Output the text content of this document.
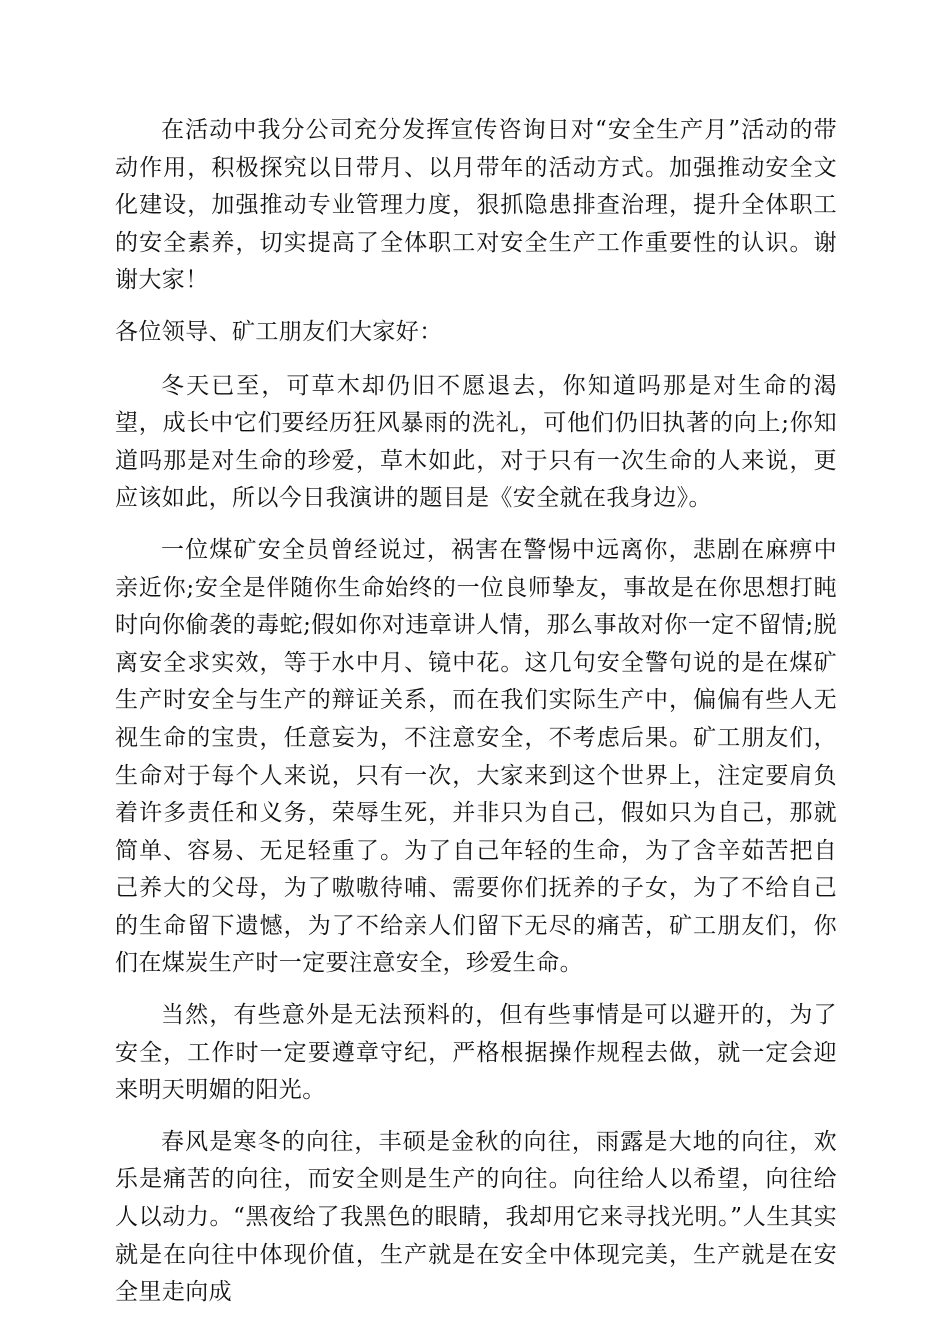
在活动中我分公司充分发挥宣传咨询日对“安全生产月”活动的带动作用，积极探究以日带月、以月带年的活动方式。加强推动安全文化建设，加强推动专业管理力度，狠抓隐患排查治理，提升全体职工的安全素养，切实提高了全体职工对安全生产工作重要性的认识。谢谢大家！

各位领导、矿工朋友们大家好：

冬天已至，可草木却仍旧不愿退去，你知道吗那是对生命的渴望，成长中它们要经历狂风暴雨的洗礼，可他们仍旧执著的向上;你知道吗那是对生命的珍爱，草木如此，对于只有一次生命的人来说，更应该如此，所以今日我演讲的题目是《安全就在我身边》。

一位煤矿安全员曾经说过，祸害在警惕中远离你，悲剧在麻痹中亲近你;安全是伴随你生命始终的一位良师挚友，事故是在你思想打盹时向你偷袭的毒蛇;假如你对违章讲人情，那么事故对你一定不留情;脱离安全求实效，等于水中月、镜中花。这几句安全警句说的是在煤矿生产时安全与生产的辩证关系，而在我们实际生产中，偏偏有些人无视生命的宝贵，任意妄为，不注意安全，不考虑后果。矿工朋友们，生命对于每个人来说，只有一次，大家来到这个世界上，注定要肩负着许多责任和义务，荣辱生死，并非只为自己，假如只为自己，那就简单、容易、无足轻重了。为了自己年轻的生命，为了含辛茹苦把自己养大的父母，为了嗷嗷待哺、需要你们抚养的子女，为了不给自己的生命留下遗憾，为了不给亲人们留下无尽的痛苦，矿工朋友们，你们在煤炭生产时一定要注意安全，珍爱生命。

当然，有些意外是无法预料的，但有些事情是可以避开的，为了安全，工作时一定要遵章守纪，严格根据操作规程去做，就一定会迎来明天明媚的阳光。

春风是寒冬的向往，丰硕是金秋的向往，雨露是大地的向往，欢乐是痛苦的向往，而安全则是生产的向往。向往给人以希望，向往给人以动力。“黑夜给了我黑色的眼睛，我却用它来寻找光明。”人生其实就是在向往中体现价值，生产就是在安全中体现完美，生产就是在安全里走向成
